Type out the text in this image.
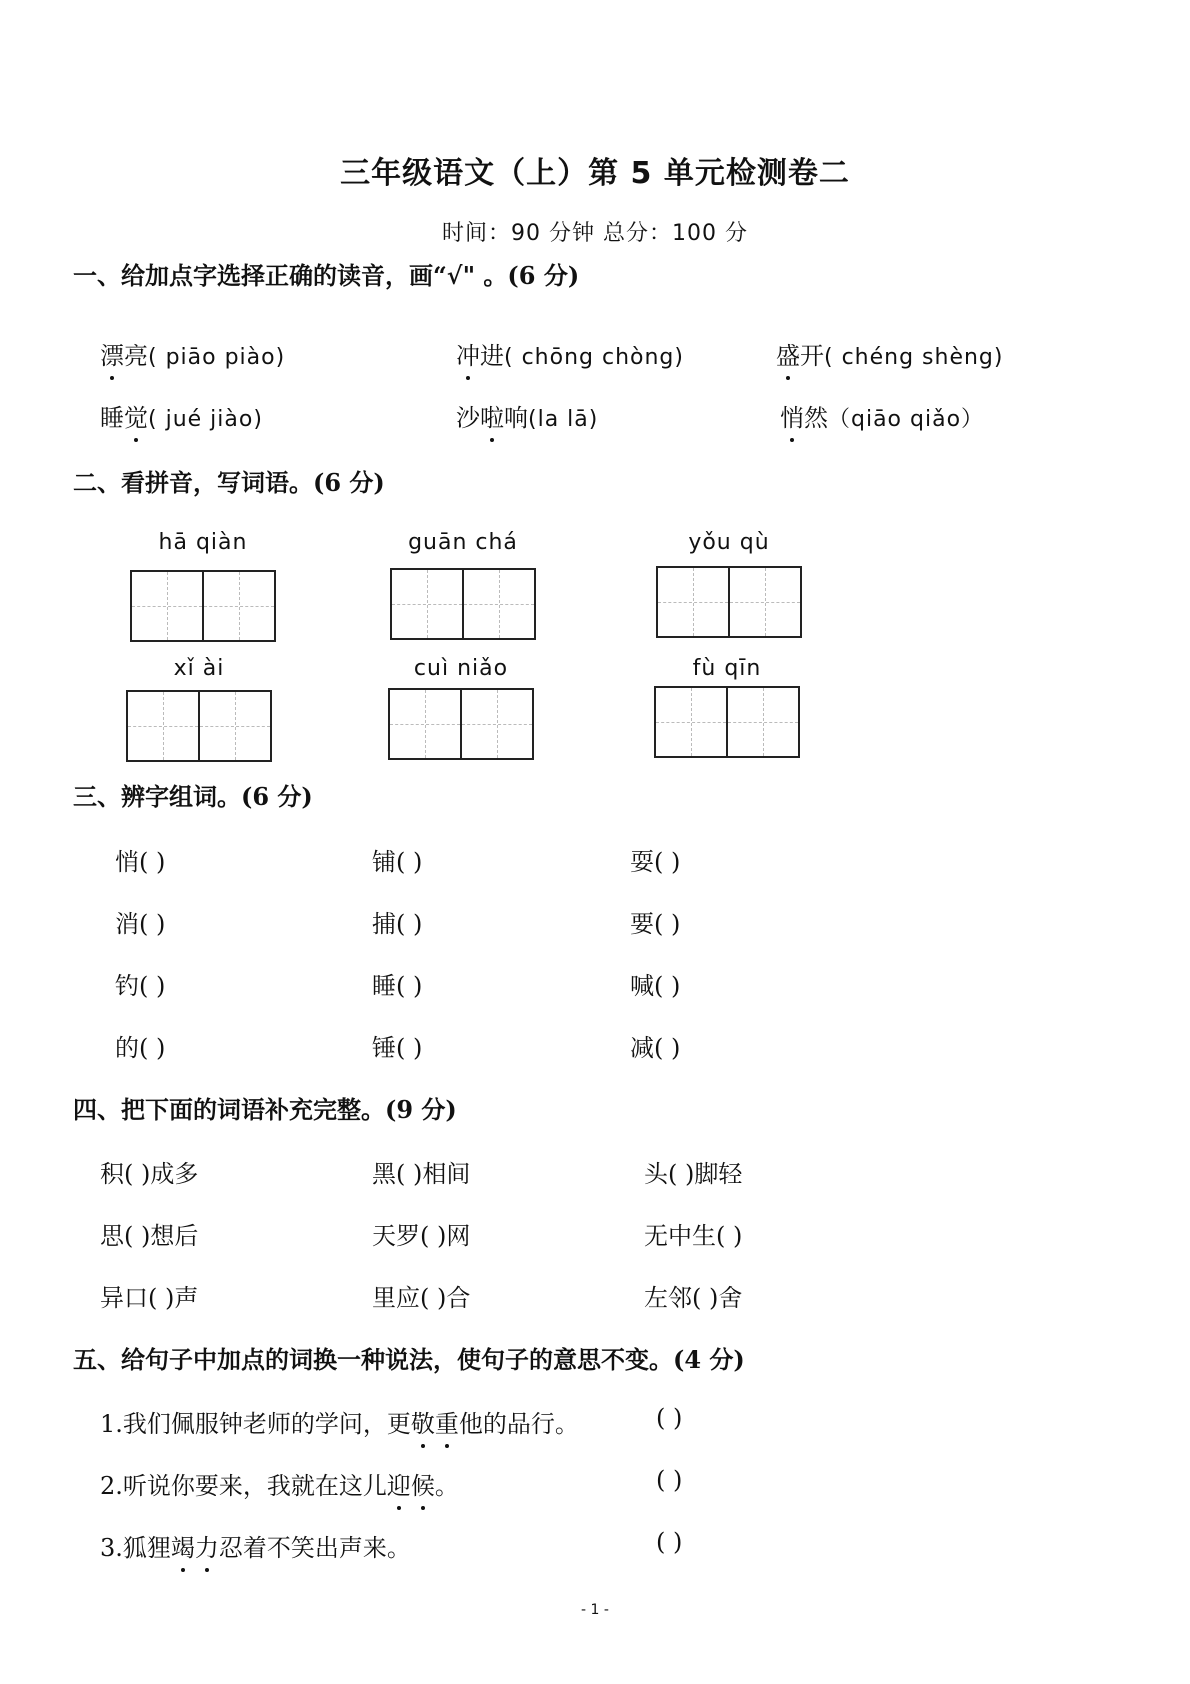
三年级语文（上）第 5 单元检测卷二
时间：90 分钟 总分：100 分
一、给加点字选择正确的读音，画“√" 。(6 分)
漂亮( piāo piào)	冲进( chōng chòng)	盛开( chéng shèng)
睡觉( jué jiào)	沙啦响(la lā)	悄然（qiāo qiǎo）
二、看拼音，写词语。(6 分)
hā qiàn	guān chá	yǒu qù
xǐ ài	cuì niǎo	fù qīn
三、辨字组词。(6 分)
悄( )	铺( )	耍( )
消( )	捕( )	要( )
钓( )	睡( )	喊( )
的( )	锤( )	减( )
四、把下面的词语补充完整。(9 分)
积( )成多	黑( )相间	头( )脚轻
思( )想后	天罗( )网	无中生( )
异口( )声	里应( )合	左邻( )舍
五、给句子中加点的词换一种说法，使句子的意思不变。(4 分)
1.我们佩服钟老师的学问，更敬重他的品行。	( )
2.听说你要来，我就在这儿迎候。	( )
3.狐狸竭力忍着不笑出声来。	( )
- 1 -
